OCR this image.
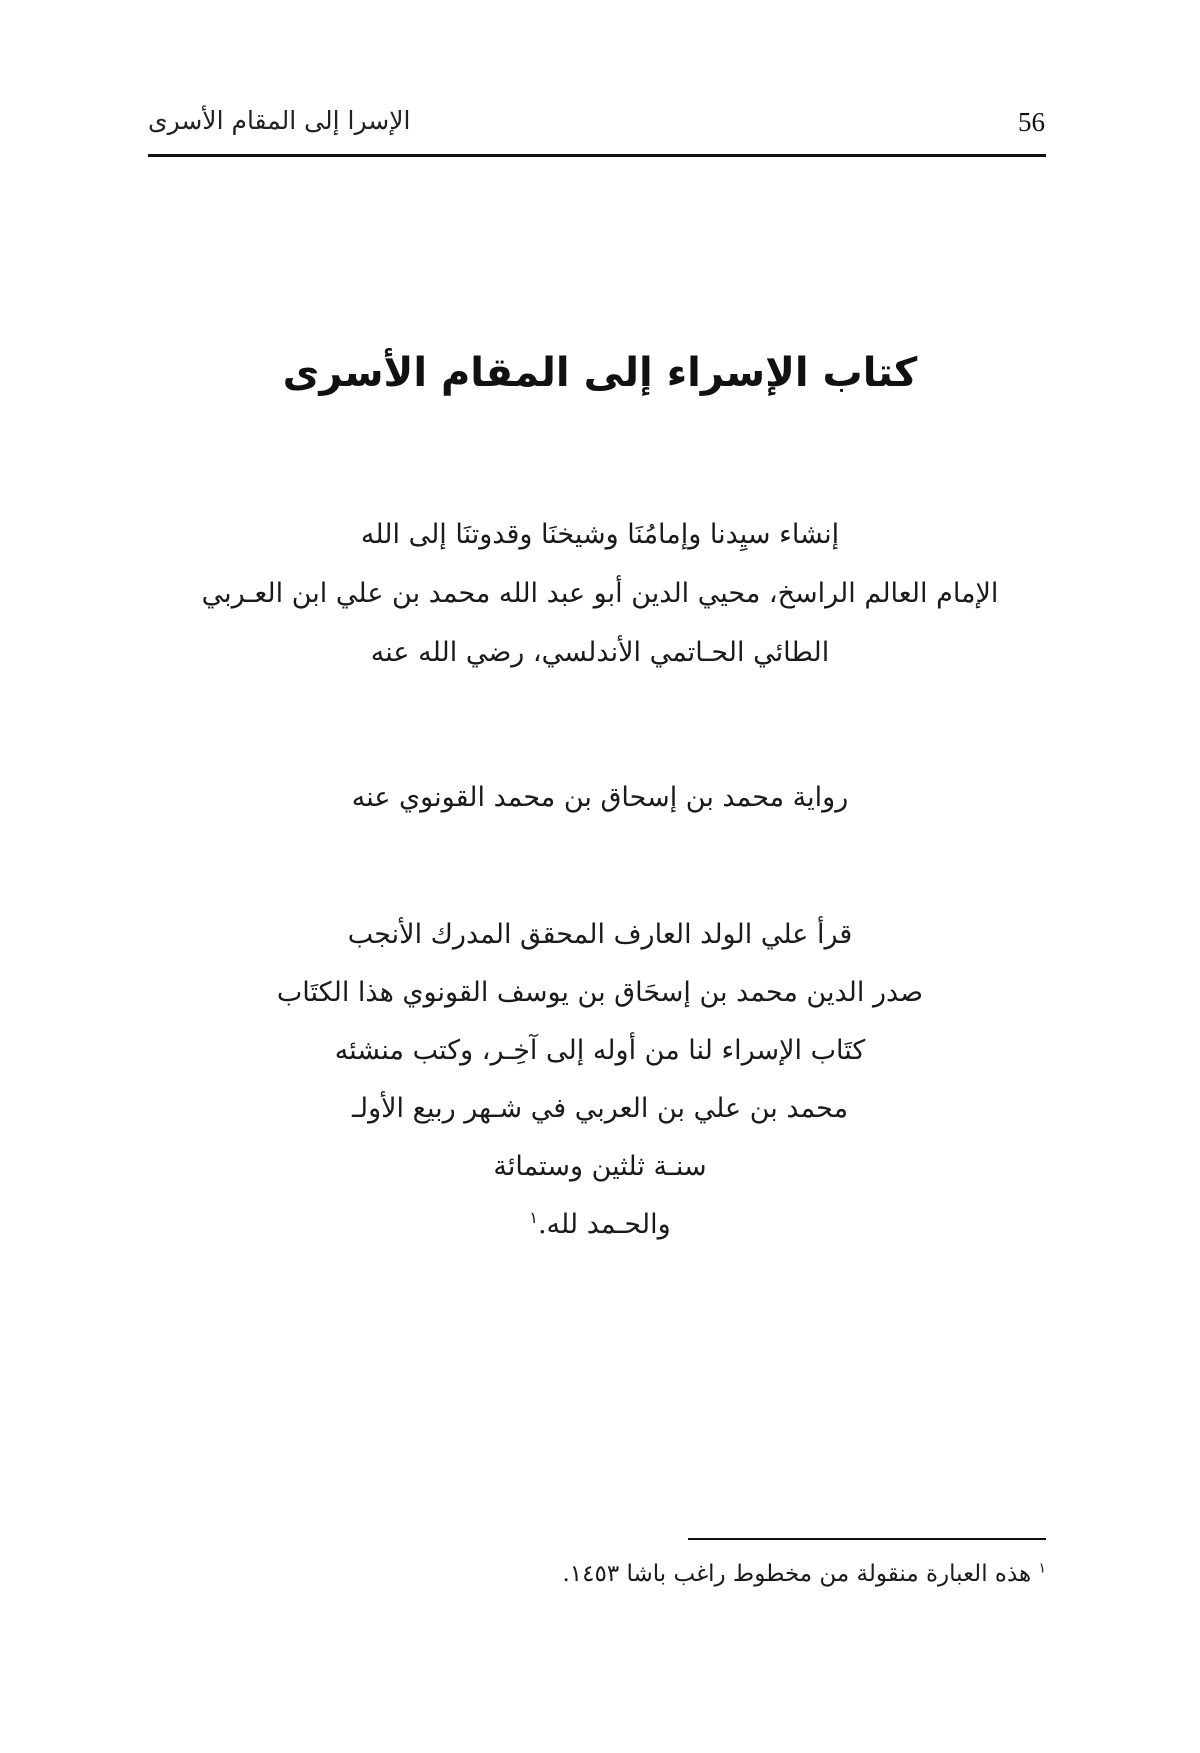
الإسرا إلى المقام الأسرى	56
كتاب الإسراء إلى المقام الأسرى
إنشاء سيِدنا وإمامُنَا وشيخنَا وقدوتنَا إلى الله
الإمام العالم الراسخ، محيي الدين أبو عبد الله محمد بن علي ابن العـربي
الطائي الحـاتمي الأندلسي، رضي الله عنه
رواية محمد بن إسحاق بن محمد القونوي عنه
قرأ علي الولد العارف المحقق المدرك الأنجب
صدر الدين محمد بن إسحَاق بن يوسف القونوي هذا الكتَاب
كتَاب الإسراء لنا من أوله إلى آخِـر، وكتب منشئه
محمد بن علي بن العربي في شـهر ربيع الأولـ
سنـة ثلثين وستمائة
والحـمد لله.$^١$
$^١$ هذه العبارة منقولة من مخطوط راغب باشا ١٤٥٣.
